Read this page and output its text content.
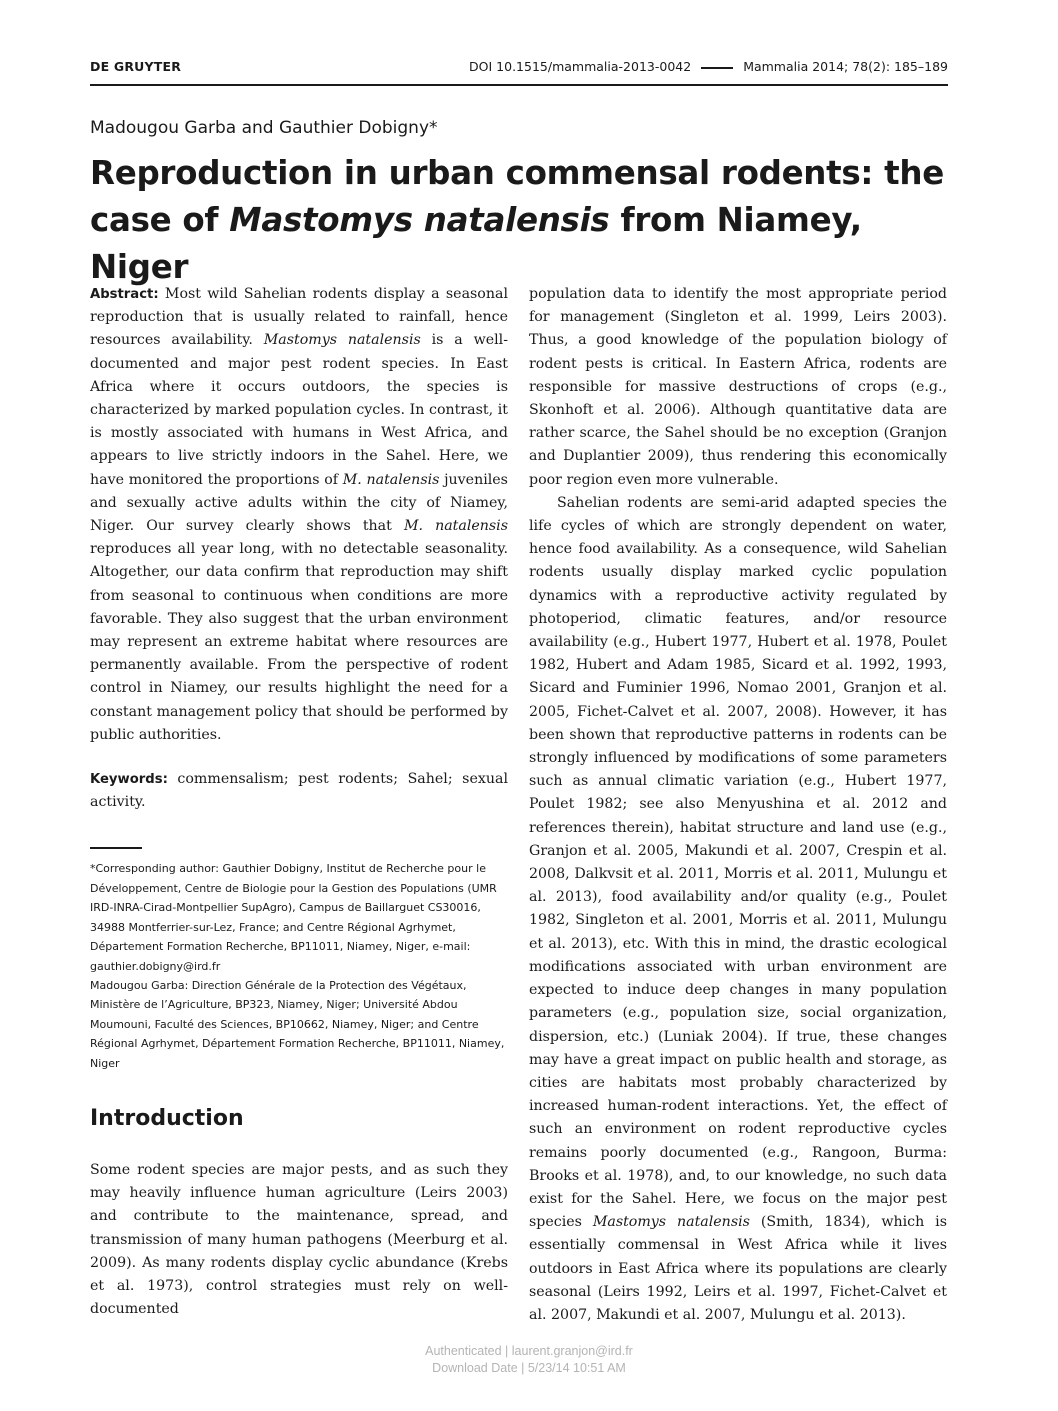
DE GRUYTER	DOI 10.1515/mammalia-2013-0042	Mammalia 2014; 78(2): 185–189
Madougou Garba and Gauthier Dobigny*
Reproduction in urban commensal rodents: the case of Mastomys natalensis from Niamey, Niger

Abstract: Most wild Sahelian rodents display a seasonal reproduction that is usually related to rainfall, hence resources availability. Mastomys natalensis is a well-documented and major pest rodent species. In East Africa where it occurs outdoors, the species is characterized by marked population cycles. In contrast, it is mostly associated with humans in West Africa, and appears to live strictly indoors in the Sahel. Here, we have monitored the proportions of M. natalensis juveniles and sexually active adults within the city of Niamey, Niger. Our survey clearly shows that M. natalensis reproduces all year long, with no detectable seasonality. Altogether, our data confirm that reproduction may shift from seasonal to continuous when conditions are more favorable. They also suggest that the urban environment may represent an extreme habitat where resources are permanently available. From the perspective of rodent control in Niamey, our results highlight the need for a constant management policy that should be performed by public authorities.

Keywords: commensalism; pest rodents; Sahel; sexual activity.

*Corresponding author: Gauthier Dobigny, Institut de Recherche pour le Développement, Centre de Biologie pour la Gestion des Populations (UMR IRD-INRA-Cirad-Montpellier SupAgro), Campus de Baillarguet CS30016, 34988 Montferrier-sur-Lez, France; and Centre Régional Agrhymet, Département Formation Recherche, BP11011, Niamey, Niger, e-mail: gauthier.dobigny@ird.fr

Madougou Garba: Direction Générale de la Protection des Végétaux, Ministère de l’Agriculture, BP323, Niamey, Niger; Université Abdou Moumouni, Faculté des Sciences, BP10662, Niamey, Niger; and Centre Régional Agrhymet, Département Formation Recherche, BP11011, Niamey, Niger

Introduction

Some rodent species are major pests, and as such they may heavily influence human agriculture (Leirs 2003) and contribute to the maintenance, spread, and transmission of many human pathogens (Meerburg et al. 2009). As many rodents display cyclic abundance (Krebs et al. 1973), control strategies must rely on well-documented

population data to identify the most appropriate period for management (Singleton et al. 1999, Leirs 2003). Thus, a good knowledge of the population biology of rodent pests is critical. In Eastern Africa, rodents are responsible for massive destructions of crops (e.g., Skonhoft et al. 2006). Although quantitative data are rather scarce, the Sahel should be no exception (Granjon and Duplantier 2009), thus rendering this economically poor region even more vulnerable.

Sahelian rodents are semi-arid adapted species the life cycles of which are strongly dependent on water, hence food availability. As a consequence, wild Sahelian rodents usually display marked cyclic population dynamics with a reproductive activity regulated by photoperiod, climatic features, and/or resource availability (e.g., Hubert 1977, Hubert et al. 1978, Poulet 1982, Hubert and Adam 1985, Sicard et al. 1992, 1993, Sicard and Fuminier 1996, Nomao 2001, Granjon et al. 2005, Fichet-Calvet et al. 2007, 2008). However, it has been shown that reproductive patterns in rodents can be strongly influenced by modifications of some parameters such as annual climatic variation (e.g., Hubert 1977, Poulet 1982; see also Menyushina et al. 2012 and references therein), habitat structure and land use (e.g., Granjon et al. 2005, Makundi et al. 2007, Crespin et al. 2008, Dalkvsit et al. 2011, Morris et al. 2011, Mulungu et al. 2013), food availability and/or quality (e.g., Poulet 1982, Singleton et al. 2001, Morris et al. 2011, Mulungu et al. 2013), etc. With this in mind, the drastic ecological modifications associated with urban environment are expected to induce deep changes in many population parameters (e.g., population size, social organization, dispersion, etc.) (Luniak 2004). If true, these changes may have a great impact on public health and storage, as cities are habitats most probably characterized by increased human-rodent interactions. Yet, the effect of such an environment on rodent reproductive cycles remains poorly documented (e.g., Rangoon, Burma: Brooks et al. 1978), and, to our knowledge, no such data exist for the Sahel. Here, we focus on the major pest species Mastomys natalensis (Smith, 1834), which is essentially commensal in West Africa while it lives outdoors in East Africa where its populations are clearly seasonal (Leirs 1992, Leirs et al. 1997, Fichet-Calvet et al. 2007, Makundi et al. 2007, Mulungu et al. 2013).

Authenticated | laurent.granjon@ird.fr
Download Date | 5/23/14 10:51 AM
